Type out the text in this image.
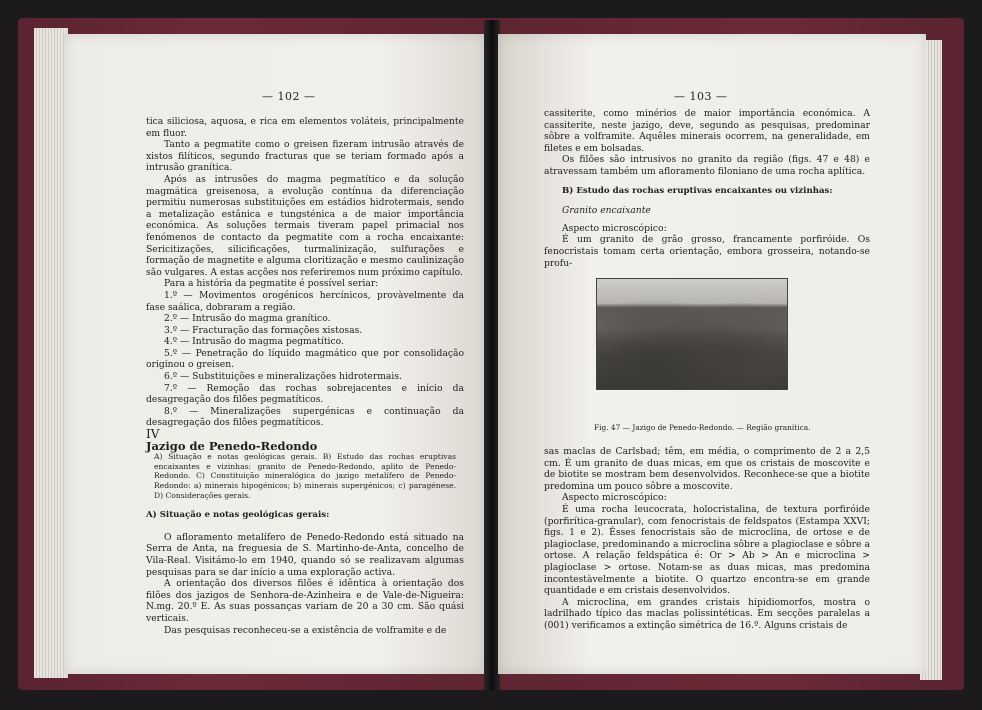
— 102 —

tica siliciosa, aquosa, e rica em elementos voláteis, principalmente em fluor.

Tanto a pegmatite como o greisen fizeram intrusão através de xistos filíticos, segundo fracturas que se teriam formado após a intrusão granítica.

Após as intrusões do magma pegmatítico e da solução magmática greisenosa, a evolução contínua da diferenciação permitiu numerosas substituições em estádios hidrotermais, sendo a metalização estânica e tungsténica a de maior importância económica. As soluções termais tiveram papel primacial nos fenómenos de contacto da pegmatite com a rocha encaixante: Sericitizações, silicificações, turmalinização, sulfurações e formação de magnetite e alguma cloritização e mesmo caulinização são vulgares. A estas acções nos referiremos num próximo capítulo.

Para a história da pegmatite é possível seriar:

1.º — Movimentos orogénicos hercínicos, provàvelmente da fase saálica, dobraram a região.

2.º — Intrusão do magma granítico.

3.º — Fracturação das formações xistosas.

4.º — Intrusão do magma pegmatítico.

5.º — Penetração do líquido magmático que por consolidação originou o greisen.

6.º — Substituições e mineralizações hidrotermais.

7.º — Remoção das rochas sobrejacentes e início da desagregação dos filões pegmatíticos.

8.º — Mineralizações supergénicas e continuação da desagregação dos filões pegmatíticos.

IV

Jazigo de Penedo-Redondo

A) Situação e notas geológicas gerais. B) Estudo das rochas eruptivas encaixantes e vizinhas: granito de Penedo-Redondo, aplito de Penedo-Redondo. C) Constituição mineralógica do jazigo metalífero de Penedo-Redondo: a) minerais hipogénicos; b) minerais supergénicos; c) paragénese. D) Considerações gerais.

A) Situação e notas geológicas gerais:

O afloramento metalífero de Penedo-Redondo está situado na Serra de Anta, na freguesia de S. Martinho-de-Anta, concelho de Vila-Real. Visitámo-lo em 1940, quando só se realizavam algumas pesquisas para se dar início a uma exploração activa.

A orientação dos diversos filões é idêntica à orientação dos filões dos jazigos de Senhora-de-Azinheira e de Vale-de-Nigueira: N.mg. 20.º E. As suas possanças variam de 20 a 30 cm. São quási verticais.

Das pesquisas reconheceu-se a existência de volframite e de

— 103 —

cassiterite, como minérios de maior importância económica. A cassiterite, neste jazigo, deve, segundo as pesquisas, predominar sôbre a volframite. Aquêles minerais ocorrem, na generalidade, em filetes e em bolsadas.

Os filões são intrusivos no granito da região (figs. 47 e 48) e atravessam também um afloramento filoniano de uma rocha aplítica.

B) Estudo das rochas eruptivas encaixantes ou vizinhas:

Granito encaixante

Aspecto microscópico:

É um granito de grão grosso, francamente porfiróide. Os fenocristais tomam certa orientação, embora grosseira, notando-se profu-

Fig. 47 — Jazigo de Penedo-Redondo. — Região granítica.

sas maclas de Carlsbad; têm, em média, o comprimento de 2 a 2,5 cm. É um granito de duas micas, em que os cristais de moscovite e de biotite se mostram bem desenvolvidos. Reconhece-se que a biotite predomina um pouco sôbre a moscovite.

Aspecto microscópico:

É uma rocha leucocrata, holocristalina, de textura porfiróide (porfirítica-granular), com fenocristais de feldspatos (Estampa XXVI; figs. 1 e 2). Êsses fenocristais são de microclina, de ortose e de plagioclase, predominando a microclina sôbre a plagioclase e sôbre a ortose. A relação feldspática é: Or > Ab > An e microclina > plagioclase > ortose. Notam-se as duas micas, mas predomina incontestàvelmente a biotite. O quartzo encontra-se em grande quantidade e em cristais desenvolvidos.

A microclina, em grandes cristais hipidiomorfos, mostra o ladrilhado típico das maclas polissintéticas. Em secções paralelas a (001) verificamos a extinção simétrica de 16.º. Alguns cristais de
